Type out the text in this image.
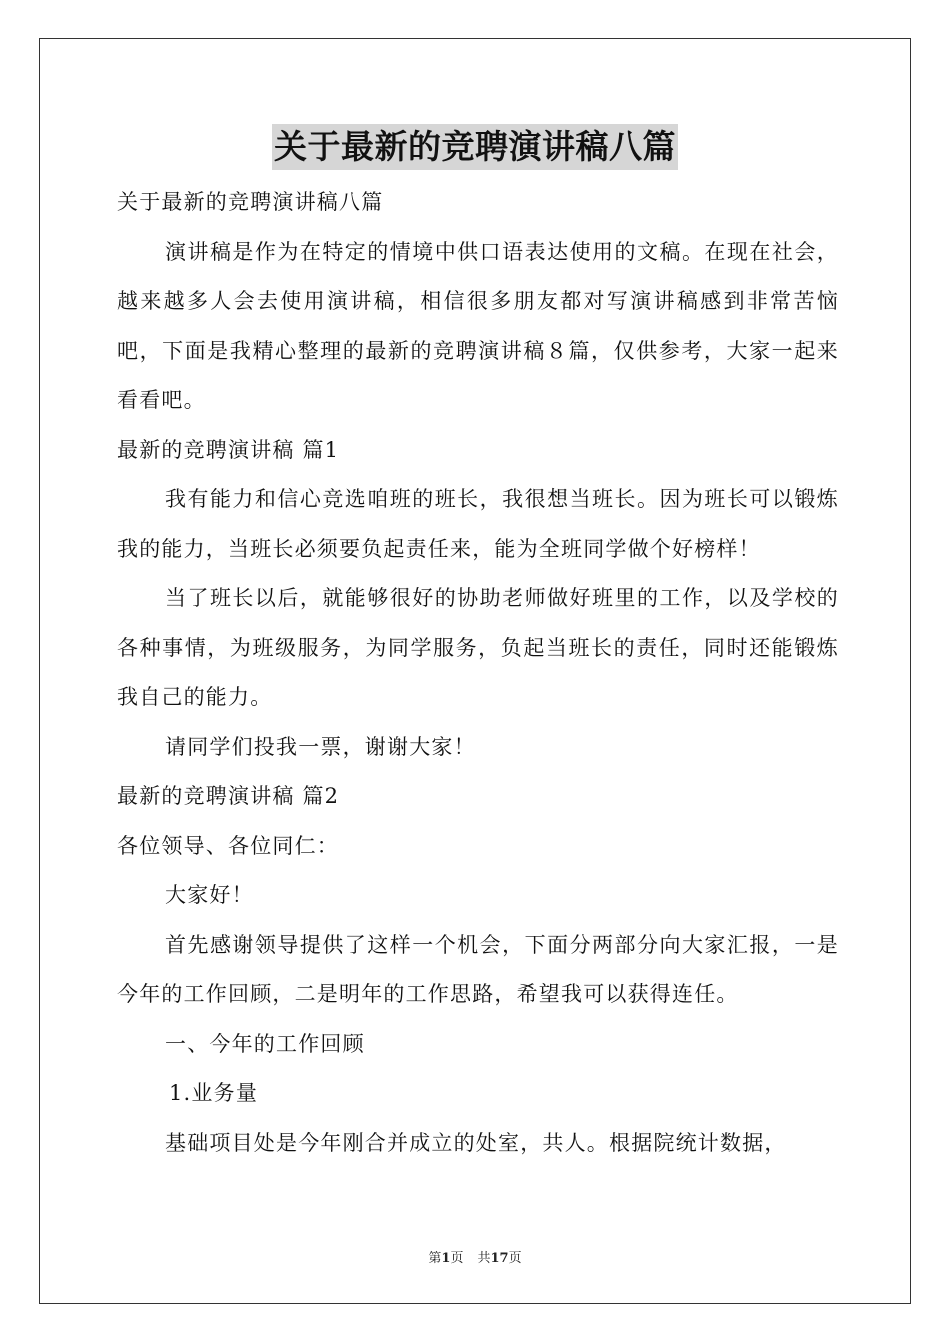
关于最新的竞聘演讲稿八篇

关于最新的竞聘演讲稿八篇

演讲稿是作为在特定的情境中供口语表达使用的文稿。在现在社会，越来越多人会去使用演讲稿，相信很多朋友都对写演讲稿感到非常苦恼吧，下面是我精心整理的最新的竞聘演讲稿８篇，仅供参考，大家一起来看看吧。

最新的竞聘演讲稿 篇1

我有能力和信心竞选咱班的班长，我很想当班长。因为班长可以锻炼我的能力，当班长必须要负起责任来，能为全班同学做个好榜样！

当了班长以后，就能够很好的协助老师做好班里的工作，以及学校的各种事情，为班级服务，为同学服务，负起当班长的责任，同时还能锻炼我自己的能力。

请同学们投我一票，谢谢大家！

最新的竞聘演讲稿 篇2

各位领导、各位同仁：

大家好！

首先感谢领导提供了这样一个机会，下面分两部分向大家汇报，一是今年的工作回顾，二是明年的工作思路，希望我可以获得连任。

一、今年的工作回顾

1.业务量

基础项目处是今年刚合并成立的处室，共人。根据院统计数据，

第1页 共17页
